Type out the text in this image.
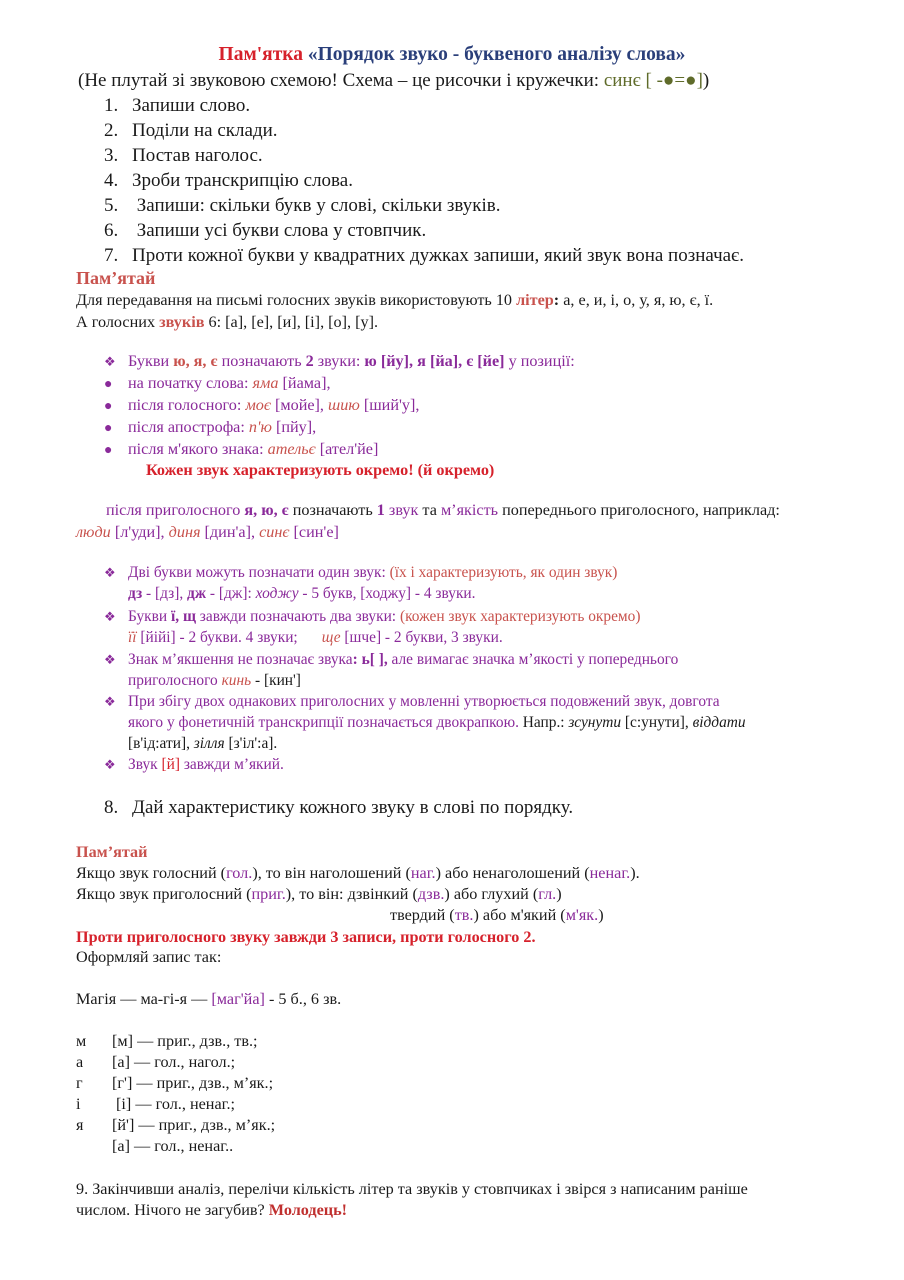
Пам'ятка «Порядок звуко - буквеного аналізу слова»
(Не плутай зі звуковою схемою! Схема – це рисочки і кружечки: синє [ -●=●])
1. Запиши слово.
2. Поділи на склади.
3. Постав наголос.
4. Зроби транскрипцію слова.
5. Запиши: скільки букв у слові, скільки звуків.
6. Запиши усі букви слова у стовпчик.
7. Проти кожної букви у квадратних дужках запиши, який звук вона позначає.
Пам’ятай
Для передавання на письмі голосних звуків використовують 10 літер: а, е, и, і, о, у, я, ю, є, ї.
А голосних звуків 6: [а], [е], [и], [і], [о], [у].
❖ Букви ю, я, є позначають 2 звуки: ю [йу], я [йа], є [йе] у позиції:
● на початку слова: яма [йама],
● після голосного: моє [мойе], шию [ший'у],
● після апострофа: п'ю [пйу],
● після м'якого знака: ательє [ател'йе]
Кожен звук характеризують окремо! (й окремо)
після приголосного я, ю, є позначають 1 звук та м’якість попереднього приголосного, наприклад:
люди [л'уди], диня [дин'а], синє [син'е]
❖ Дві букви можуть позначати один звук: (їх і характеризують, як один звук)
дз - [дз], дж - [дж]: ходжу - 5 букв, [ходжу] - 4 звуки.
❖ Букви ї, щ завжди позначають два звуки: (кожен звук характеризують окремо)
її [йійі] - 2 букви. 4 звуки; ще [шче] - 2 букви, 3 звуки.
❖ Знак м’якшення не позначає звука: ь[ ], але вимагає значка м’якості у попереднього
приголосного кинь - [кин']
❖ При збігу двох однакових приголосних у мовленні утворюється подовжений звук, довгота
якого у фонетичній транскрипції позначається двокрапкою. Напр.: зсунути [с:унути], віддати
[в'ід:ати], зілля [з'іл':а].
❖ Звук [й] завжди м’який.
8. Дай характеристику кожного звуку в слові по порядку.
Пам’ятай
Якщо звук голосний (гол.), то він наголошений (наг.) або ненаголошений (ненаг.).
Якщо звук приголосний (приг.), то він: дзвінкий (дзв.) або глухий (гл.)
твердий (тв.) або м'який (м'як.)
Проти приголосного звуку завжди 3 записи, проти голосного 2.
Оформляй запис так:
Магія — ма-гі-я — [маг'йа] - 5 б., 6 зв.
м [м] — приг., дзв., тв.;
а [а] — гол., нагол.;
г [г'] — приг., дзв., м’як.;
і [і] — гол., ненаг.;
я [й'] — приг., дзв., м’як.;
[а] — гол., ненаг..
9. Закінчивши аналіз, перелічи кількість літер та звуків у стовпчиках і звірся з написаним раніше
числом. Нічого не загубив? Молодець!
